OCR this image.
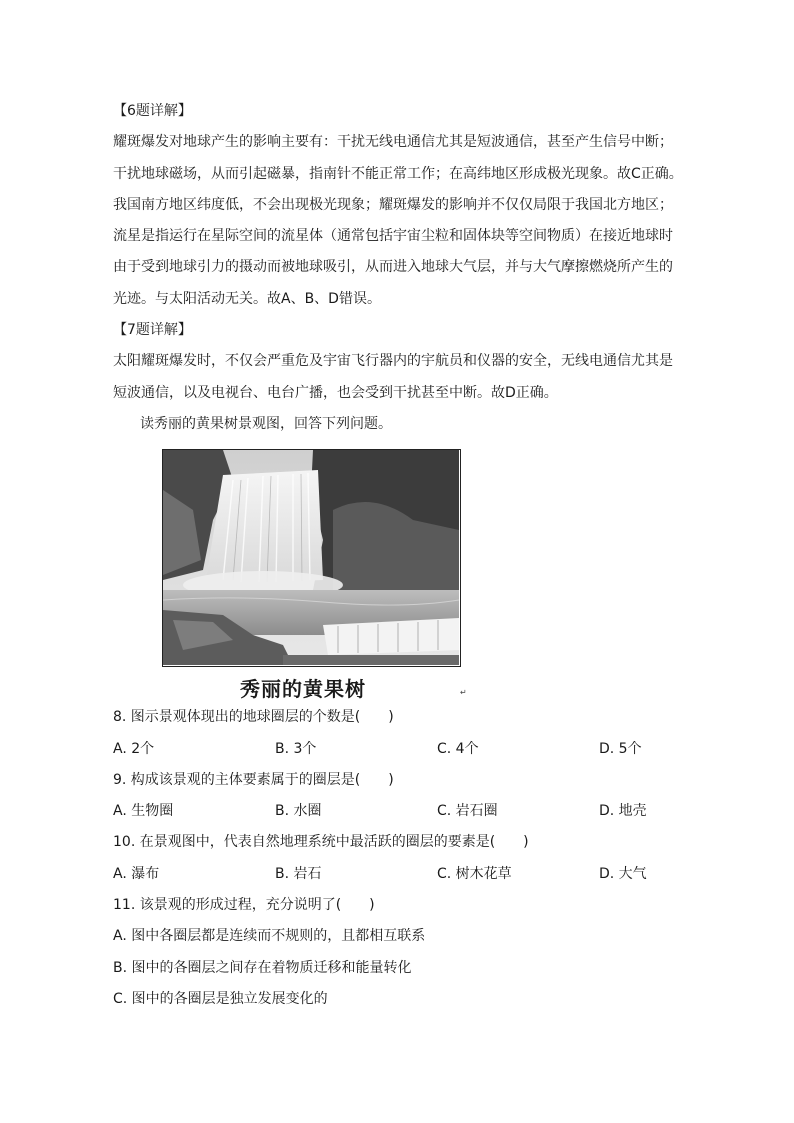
【6题详解】
耀斑爆发对地球产生的影响主要有：干扰无线电通信尤其是短波通信，甚至产生信号中断；
干扰地球磁场，从而引起磁暴，指南针不能正常工作；在高纬地区形成极光现象。故C正确。
我国南方地区纬度低，不会出现极光现象；耀斑爆发的影响并不仅仅局限于我国北方地区；
流星是指运行在星际空间的流星体（通常包括宇宙尘粒和固体块等空间物质）在接近地球时
由于受到地球引力的摄动而被地球吸引，从而进入地球大气层，并与大气摩擦燃烧所产生的
光迹。与太阳活动无关。故A、B、D错误。
【7题详解】
太阳耀斑爆发时，不仅会严重危及宇宙飞行器内的宇航员和仪器的安全，无线电通信尤其是
短波通信，以及电视台、电台广播，也会受到干扰甚至中断。故D正确。
读秀丽的黄果树景观图，回答下列问题。
秀丽的黄果树	↵
8. 图示景观体现出的地球圈层的个数是(　　)
A. 2个	B. 3个	C. 4个	D. 5个
9. 构成该景观的主体要素属于的圈层是(　　)
A. 生物圈	B. 水圈	C. 岩石圈	D. 地壳
10. 在景观图中，代表自然地理系统中最活跃的圈层的要素是(　　)
A. 瀑布	B. 岩石	C. 树木花草	D. 大气
11. 该景观的形成过程，充分说明了(　　)
A. 图中各圈层都是连续而不规则的，且都相互联系
B. 图中的各圈层之间存在着物质迁移和能量转化
C. 图中的各圈层是独立发展变化的
